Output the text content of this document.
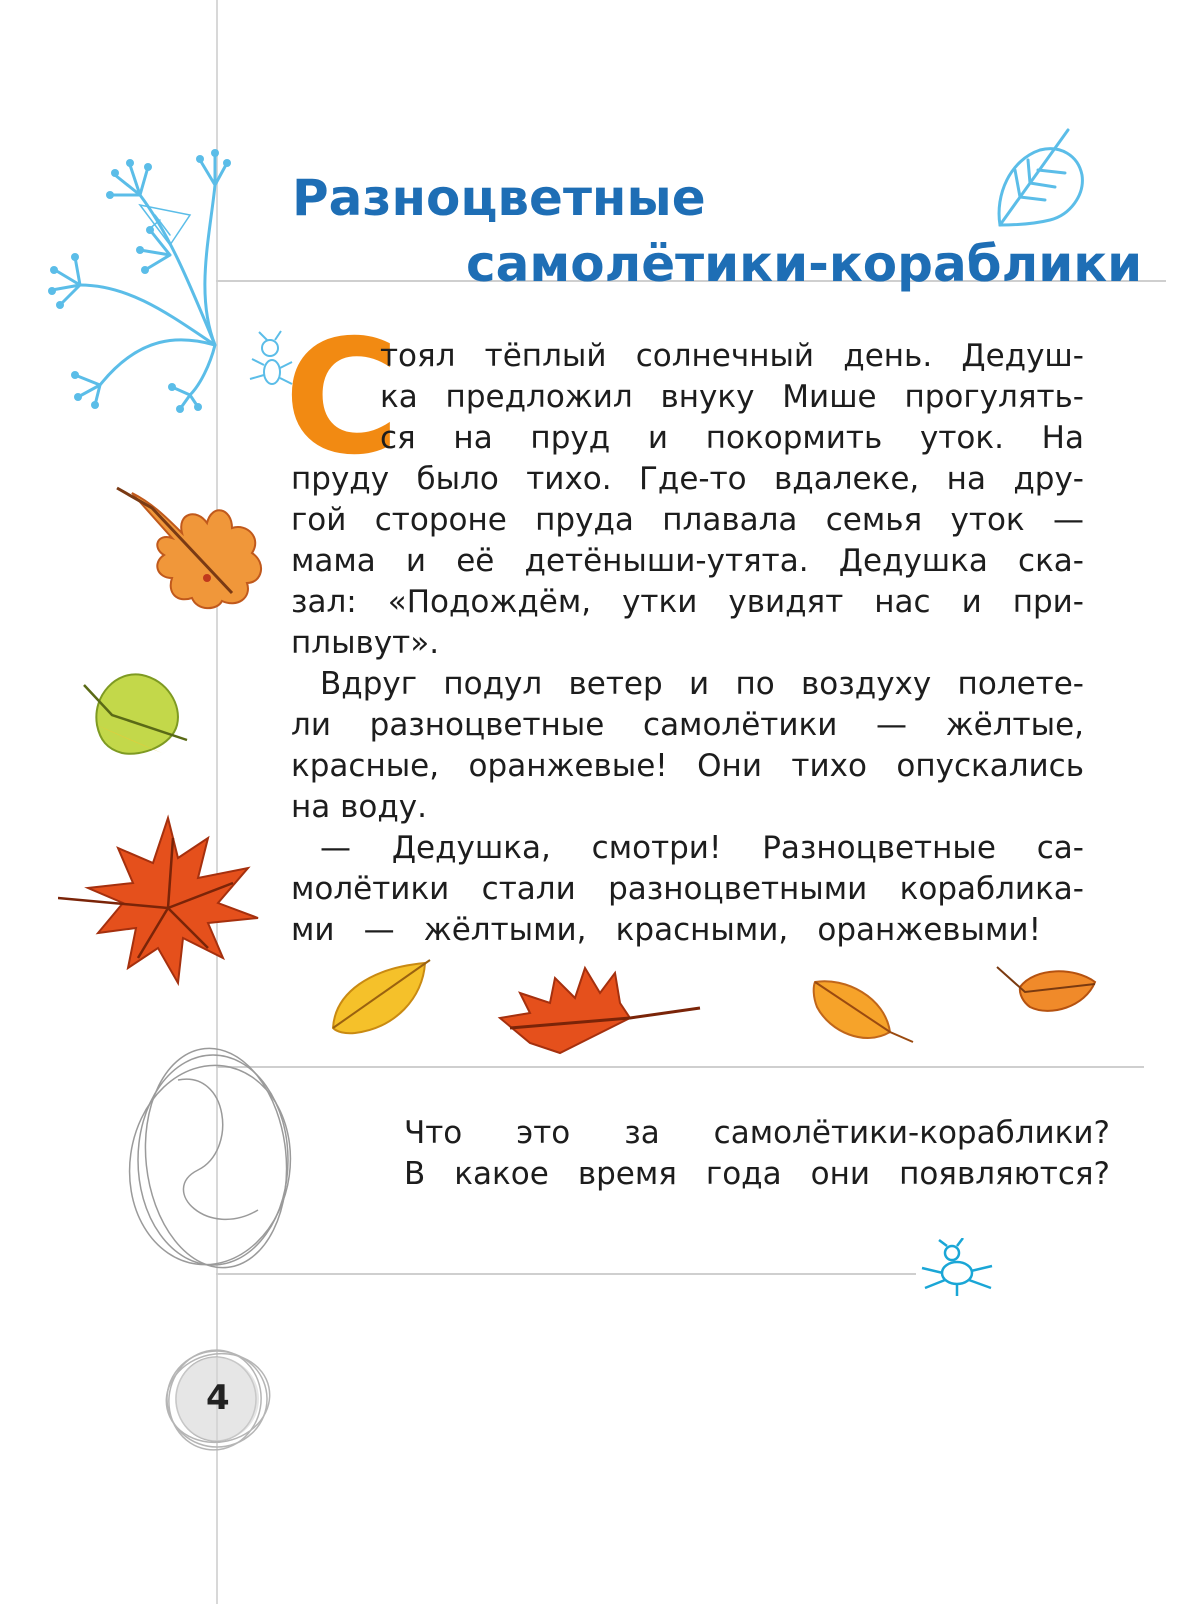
Разноцветные
самолётики-кораблики
С
тоял тёплый солнечный день. Дедуш-
ка предложил внуку Мише прогулять-
ся на пруд и покормить уток. На
пруду было тихо. Где-то вдалеке, на дру-
гой стороне пруда плавала семья уток —
мама и её детёныши-утята. Дедушка ска-
зал: «Подождём, утки увидят нас и при-
плывут».
Вдруг подул ветер и по воздуху полете-
ли разноцветные самолётики — жёлтые,
красные, оранжевые! Они тихо опускались
на воду.
— Дедушка, смотри! Разноцветные са-
молётики стали разноцветными кораблика-
ми — жёлтыми, красными, оранжевыми!
Что это за самолётики-кораблики?
В какое время года они появляются?
4
